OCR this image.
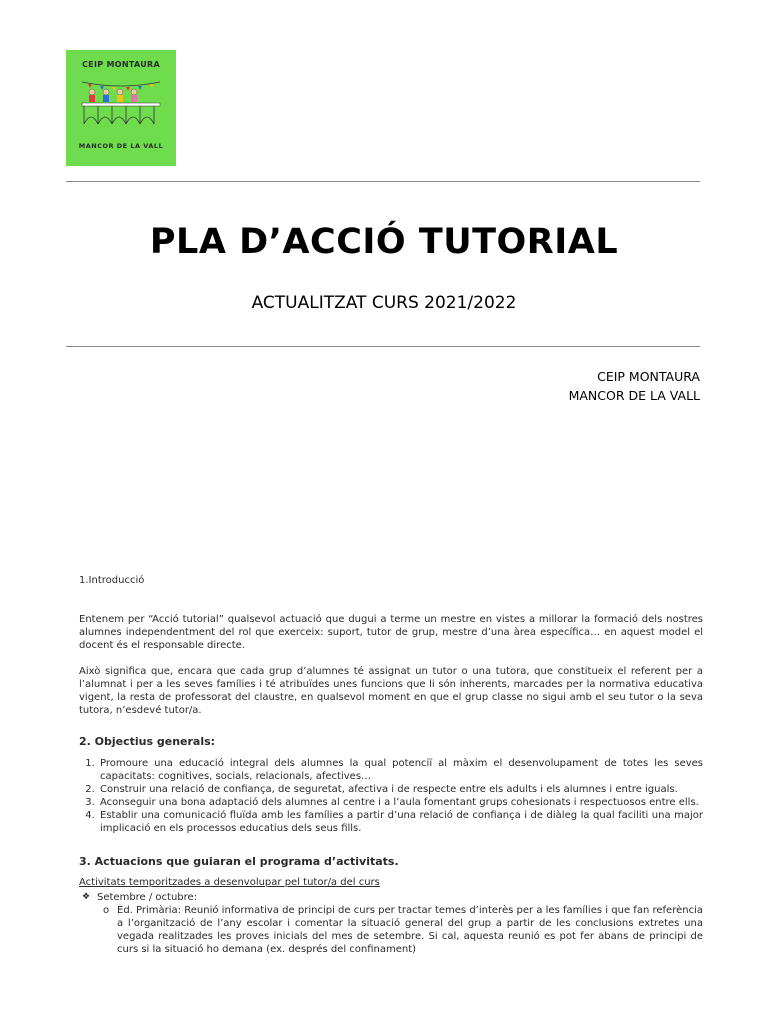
CEIP MONTAURA
MANCOR DE LA VALL
PLA D’ACCIÓ TUTORIAL
ACTUALITZAT CURS 2021/2022
CEIP MONTAURA
MANCOR DE LA VALL

1.Introducció

Entenem per “Acció tutorial” qualsevol actuació que dugui a terme un mestre en vistes a millorar la formació dels nostres alumnes independentment del rol que exerceix: suport, tutor de grup, mestre d’una àrea específica… en aquest model el docent és el responsable directe.

Això significa que, encara que cada grup d’alumnes té assignat un tutor o una tutora, que constitueix el referent per a l’alumnat i per a les seves famílies i té atribuïdes unes funcions que li són inherents, marcades per la normativa educativa vigent, la resta de professorat del claustre, en qualsevol moment en que el grup classe no sigui amb el seu tutor o la seva tutora, n’esdevé tutor/a.

2. Objectius generals:

1. Promoure una educació integral dels alumnes la qual potenciï al màxim el desenvolupament de totes les seves capacitats: cognitives, socials, relacionals, afectives…
2. Construir una relació de confiança, de seguretat, afectiva i de respecte entre els adults i els alumnes i entre iguals.
3. Aconseguir una bona adaptació dels alumnes al centre i a l’aula fomentant grups cohesionats i respectuosos entre ells.
4. Establir una comunicació fluïda amb les famílies a partir d’una relació de confiança i de diàleg la qual faciliti una major implicació en els processos educatius dels seus fills.

3. Actuacions que guiaran el programa d’activitats.

Activitats temporitzades a desenvolupar pel tutor/a del curs

❖ Setembre / octubre:
o Ed. Primària: Reunió informativa de principi de curs per tractar temes d’interès per a les famílies i que fan referència a l’organització de l’any escolar i comentar la situació general del grup a partir de les conclusions extretes una vegada realitzades les proves inicials del mes de setembre. Si cal, aquesta reunió es pot fer abans de principi de curs si la situació ho demana (ex. després del confinament)
